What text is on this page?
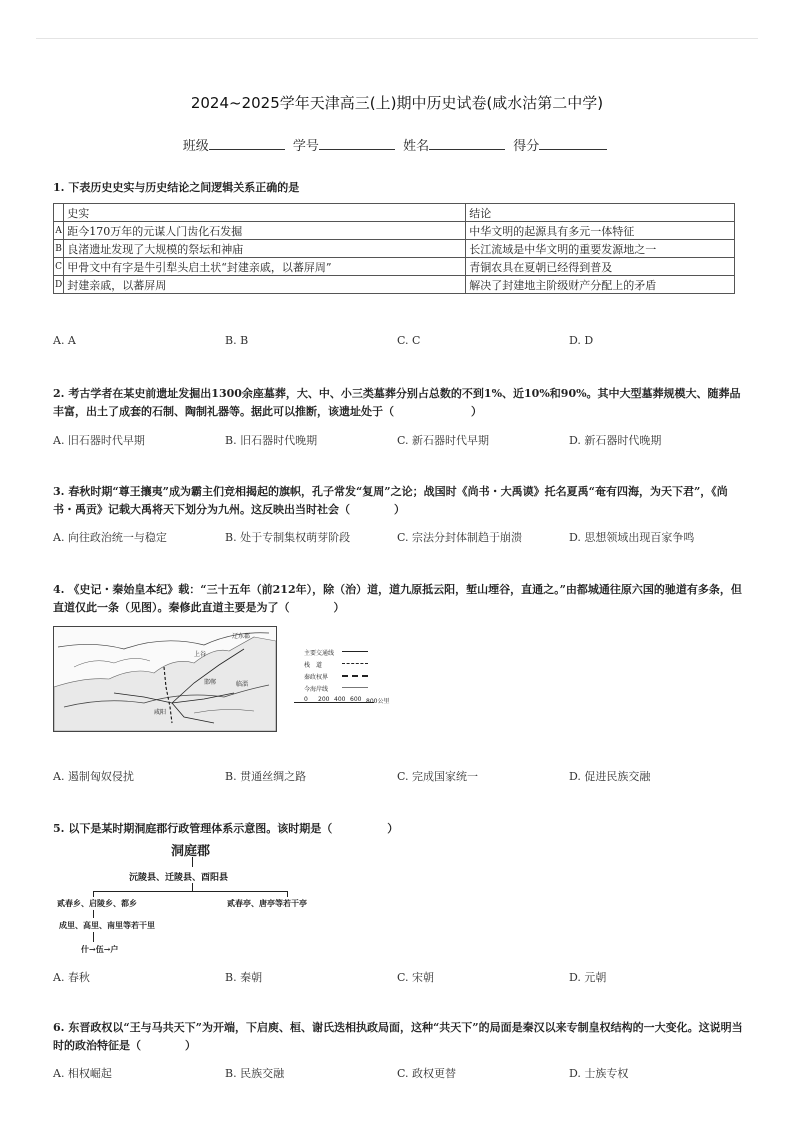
2024~2025学年天津高三(上)期中历史试卷(咸水沽第二中学)
班级	学号	姓名	得分
1. 下表历史史实与历史结论之间逻辑关系正确的是
	史实	结论
A	距今170万年的元谋人门齿化石发掘	中华文明的起源具有多元一体特征
B	良渚遗址发现了大规模的祭坛和神庙	长江流域是中华文明的重要发源地之一
C	甲骨文中有字是牛引犁头启土状“封建亲戚，以蕃屏周”	青铜农具在夏朝已经得到普及
D	封建亲戚，以蕃屏周	解决了封建地主阶级财产分配上的矛盾
A. A	B. B	C. C	D. D
2. 考古学者在某史前遗址发掘出1300余座墓葬，大、中、小三类墓葬分别占总数的不到1%、近10%和90%。其中大型墓葬规模大、随葬品丰富，出土了成套的石制、陶制礼器等。据此可以推断，该遗址处于（　　　　　　　）
A. 旧石器时代早期	B. 旧石器时代晚期	C. 新石器时代早期	D. 新石器时代晚期
3. 春秋时期“尊王攘夷”成为霸主们竞相揭起的旗帜，孔子常发“复周”之论；战国时《尚书・大禹谟》托名夏禹“奄有四海，为天下君”，《尚书・禹贡》记载大禹将天下划分为九州。这反映出当时社会（　　　　）
A. 向往政治统一与稳定	B. 处于专制集权萌芽阶段	C. 宗法分封体制趋于崩溃	D. 思想领域出现百家争鸣
4. 《史记・秦始皇本纪》载：“三十五年（前212年），除（治）道，道九原抵云阳，堑山堙谷，直通之。”由都城通往原六国的驰道有多条，但直道仅此一条（见图）。秦修此直道主要是为了（　　　　）
辽东郡
上谷
邯郸	临淄
咸阳
主要交通线
栈　道
秦政权界
今海岸线
0 200 400 600 800公里
A. 遏制匈奴侵扰	B. 贯通丝绸之路	C. 完成国家统一	D. 促进民族交融
5. 以下是某时期洞庭郡行政管理体系示意图。该时期是（　　　　　）
洞庭郡
沅陵县、迁陵县、酉阳县
贰春乡、启陵乡、都乡	贰春亭、唐亭等若干亭
成里、高里、南里等若干里
什→伍→户
A. 春秋	B. 秦朝	C. 宋朝	D. 元朝
6. 东晋政权以“王与马共天下”为开端，下启庾、桓、谢氏迭相执政局面，这种“共天下”的局面是秦汉以来专制皇权结构的一大变化。这说明当时的政治特征是（　　　　）
A. 相权崛起	B. 民族交融	C. 政权更替	D. 士族专权
